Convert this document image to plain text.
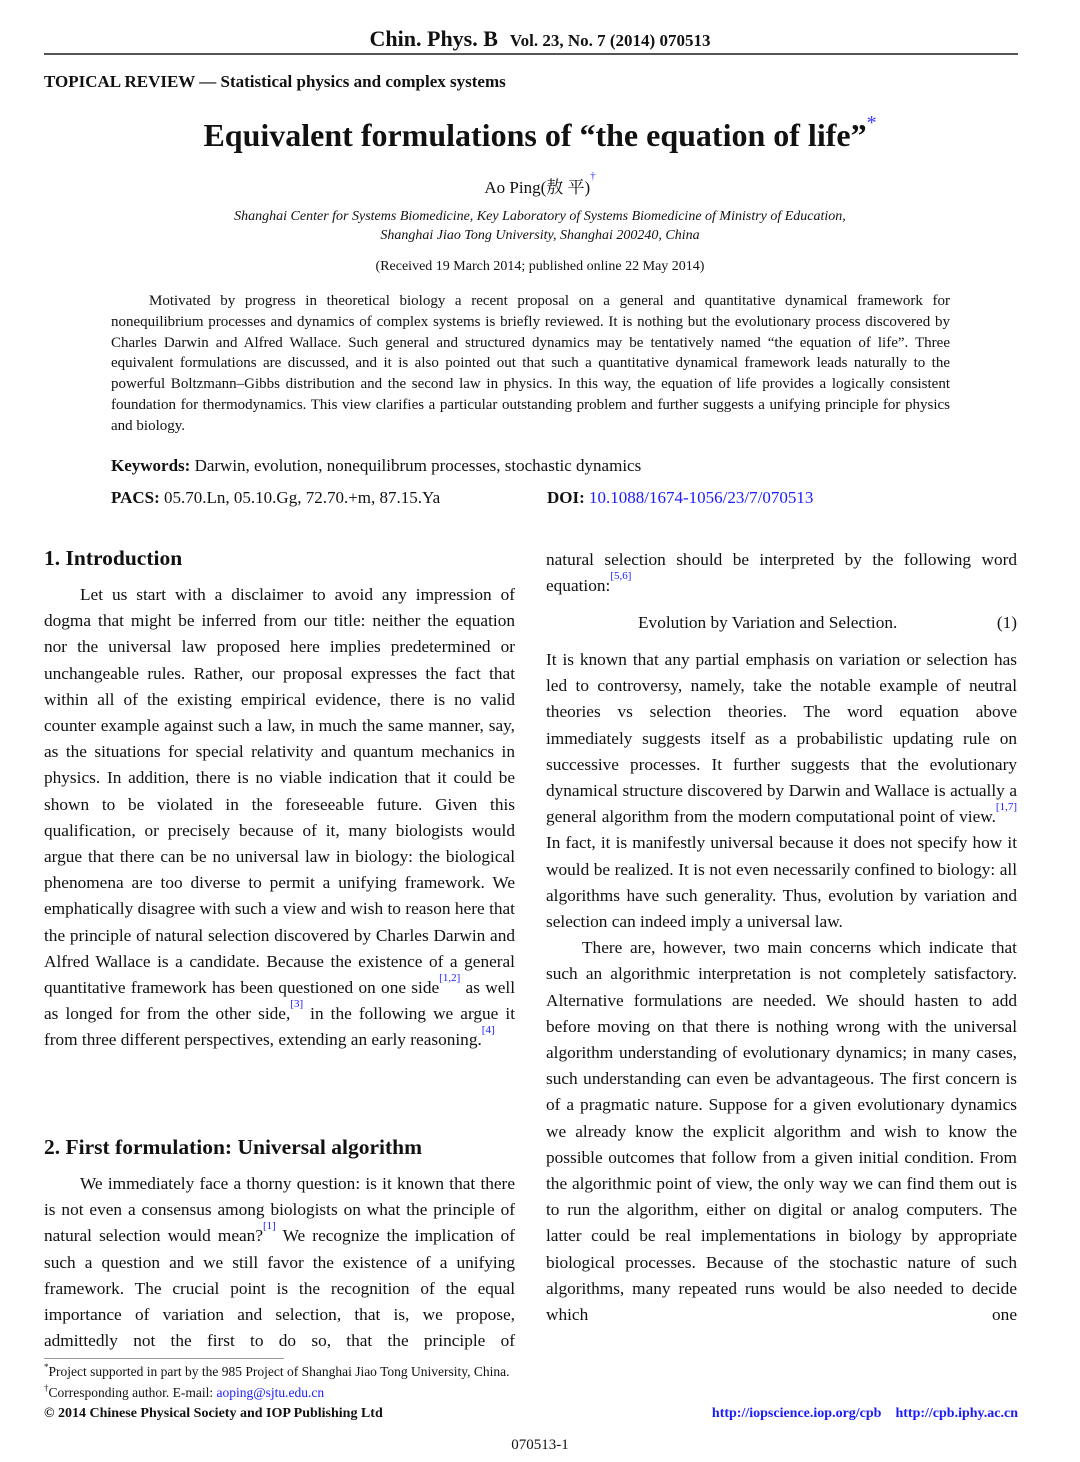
Chin. Phys. B Vol. 23, No. 7 (2014) 070513
TOPICAL REVIEW — Statistical physics and complex systems
Equivalent formulations of “the equation of life”*
Ao Ping(敖 平)†
Shanghai Center for Systems Biomedicine, Key Laboratory of Systems Biomedicine of Ministry of Education,
Shanghai Jiao Tong University, Shanghai 200240, China
(Received 19 March 2014; published online 22 May 2014)
Motivated by progress in theoretical biology a recent proposal on a general and quantitative dynamical framework for nonequilibrium processes and dynamics of complex systems is briefly reviewed. It is nothing but the evolutionary process discovered by Charles Darwin and Alfred Wallace. Such general and structured dynamics may be tentatively named “the equation of life”. Three equivalent formulations are discussed, and it is also pointed out that such a quantitative dynamical framework leads naturally to the powerful Boltzmann–Gibbs distribution and the second law in physics. In this way, the equation of life provides a logically consistent foundation for thermodynamics. This view clarifies a particular outstanding problem and further suggests a unifying principle for physics and biology.
Keywords: Darwin, evolution, nonequilibrum processes, stochastic dynamics
PACS: 05.70.Ln, 05.10.Gg, 72.70.+m, 87.15.Ya	DOI: 10.1088/1674-1056/23/7/070513
1. Introduction
Let us start with a disclaimer to avoid any impression of dogma that might be inferred from our title: neither the equation nor the universal law proposed here implies predetermined or unchangeable rules. Rather, our proposal expresses the fact that within all of the existing empirical evidence, there is no valid counter example against such a law, in much the same manner, say, as the situations for special relativity and quantum mechanics in physics. In addition, there is no viable indication that it could be shown to be violated in the foreseeable future. Given this qualification, or precisely because of it, many biologists would argue that there can be no universal law in biology: the biological phenomena are too diverse to permit a unifying framework. We emphatically disagree with such a view and wish to reason here that the principle of natural selection discovered by Charles Darwin and Alfred Wallace is a candidate. Because the existence of a general quantitative framework has been questioned on one side[1,2] as well as longed for from the other side,[3] in the following we argue it from three different perspectives, extending an early reasoning.[4]
2. First formulation: Universal algorithm
We immediately face a thorny question: is it known that there is not even a consensus among biologists on what the principle of natural selection would mean?[1] We recognize the implication of such a question and we still favor the existence of a unifying framework. The crucial point is the recognition of the equal importance of variation and selection, that is, we propose, admittedly not the first to do so, that the principle of
natural selection should be interpreted by the following word equation:[5,6]
Evolution by Variation and Selection.	(1)
It is known that any partial emphasis on variation or selection has led to controversy, namely, take the notable example of neutral theories vs selection theories. The word equation above immediately suggests itself as a probabilistic updating rule on successive processes. It further suggests that the evolutionary dynamical structure discovered by Darwin and Wallace is actually a general algorithm from the modern computational point of view.[1,7] In fact, it is manifestly universal because it does not specify how it would be realized. It is not even necessarily confined to biology: all algorithms have such generality. Thus, evolution by variation and selection can indeed imply a universal law.
There are, however, two main concerns which indicate that such an algorithmic interpretation is not completely satisfactory. Alternative formulations are needed. We should hasten to add before moving on that there is nothing wrong with the universal algorithm understanding of evolutionary dynamics; in many cases, such understanding can even be advantageous. The first concern is of a pragmatic nature. Suppose for a given evolutionary dynamics we already know the explicit algorithm and wish to know the possible outcomes that follow from a given initial condition. From the algorithmic point of view, the only way we can find them out is to run the algorithm, either on digital or analog computers. The latter could be real implementations in biology by appropriate biological processes. Because of the stochastic nature of such algorithms, many repeated runs would be also needed to decide which one
*Project supported in part by the 985 Project of Shanghai Jiao Tong University, China.
†Corresponding author. E-mail: aoping@sjtu.edu.cn
© 2014 Chinese Physical Society and IOP Publishing Ltd	http://iopscience.iop.org/cpb http://cpb.iphy.ac.cn
070513-1
